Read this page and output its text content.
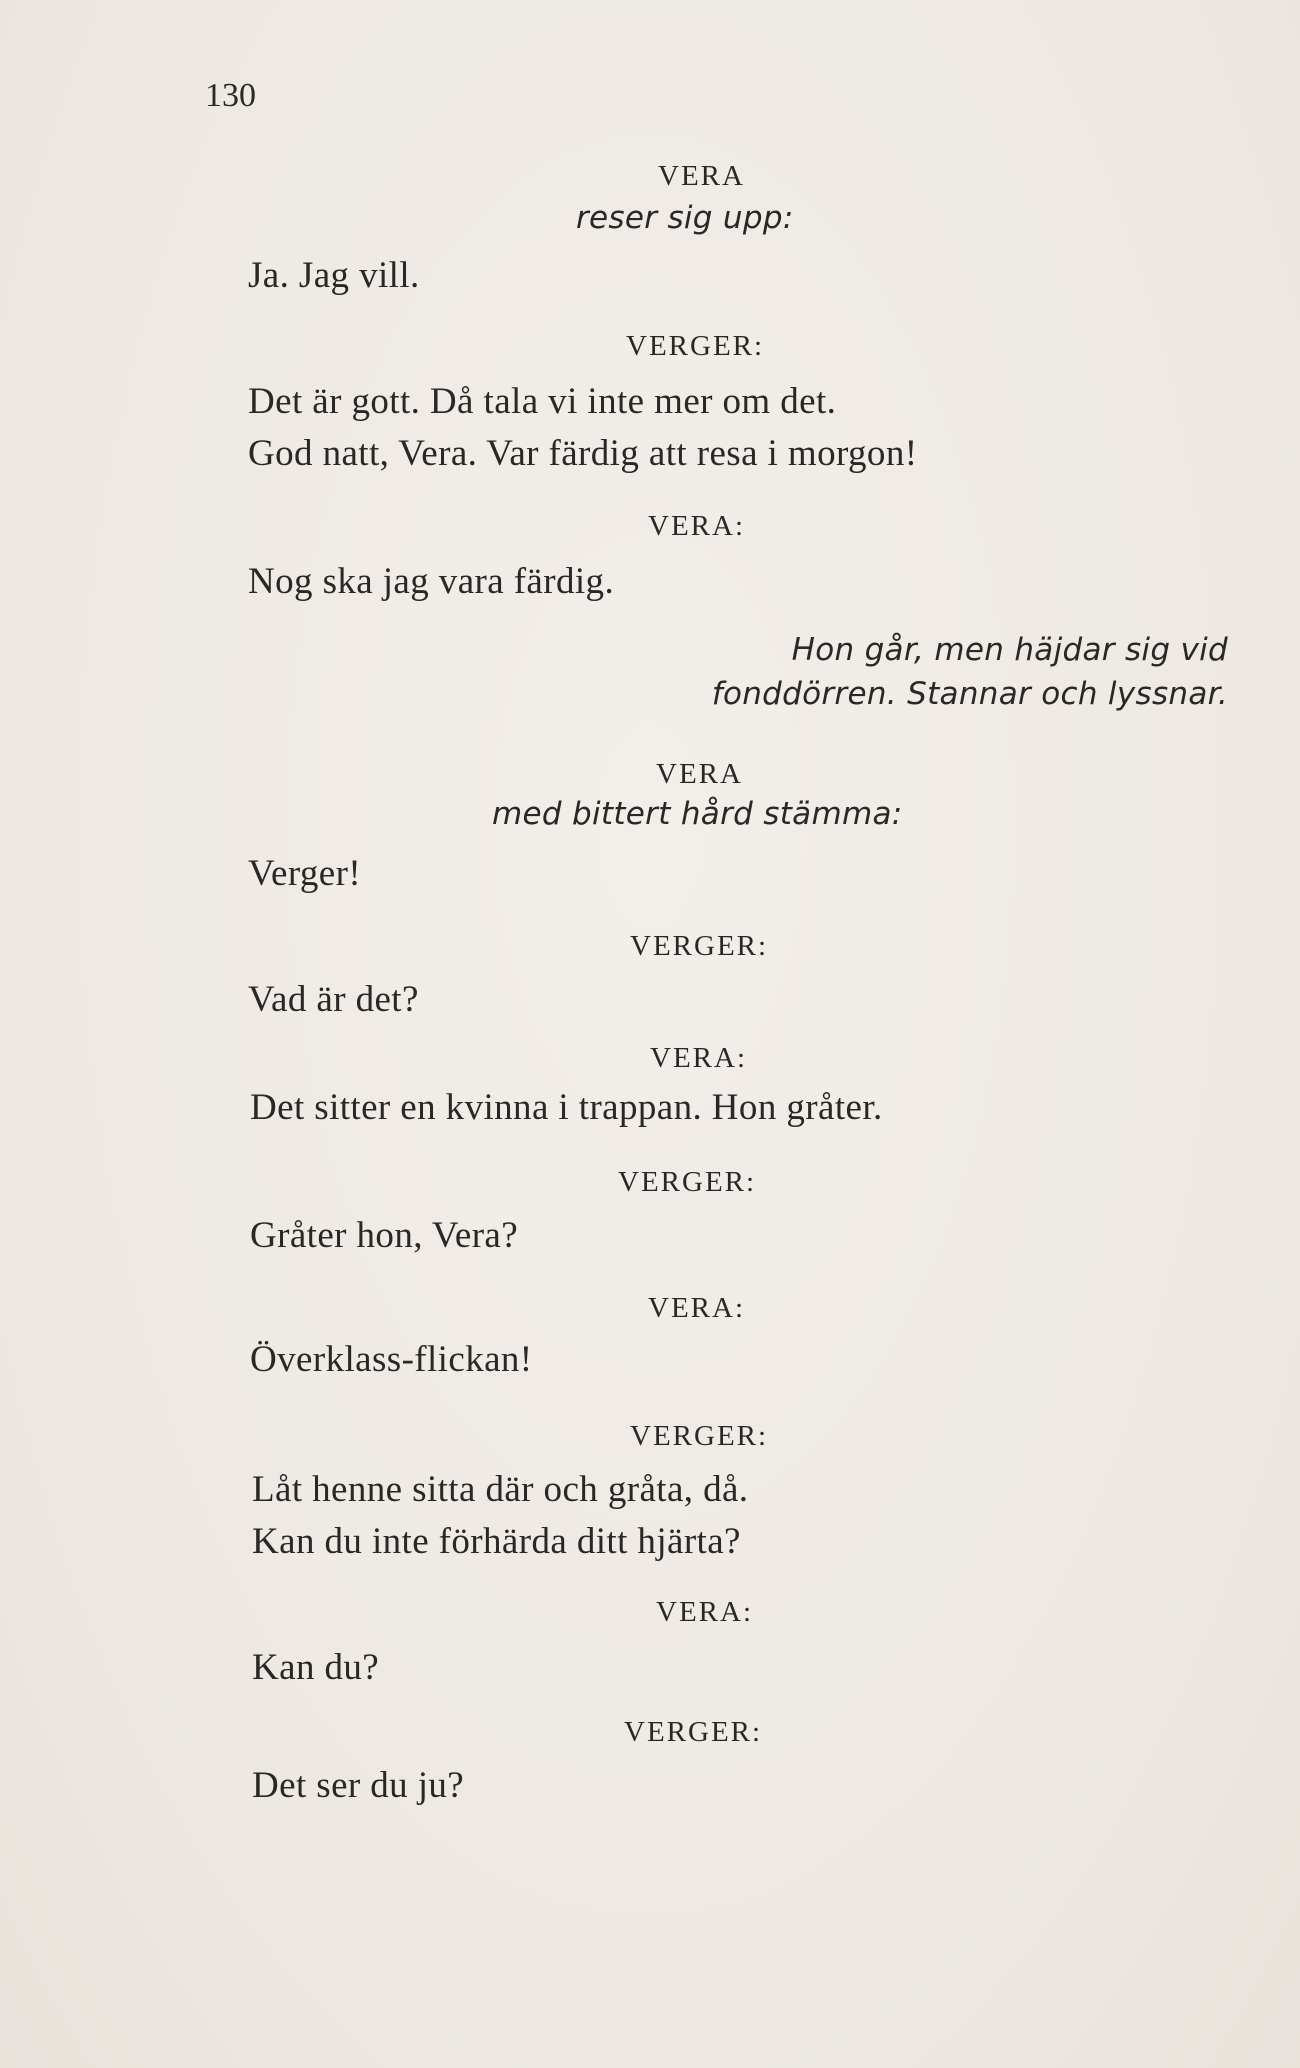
130
VERA
reser sig upp:
Ja. Jag vill.
VERGER:
Det är gott. Då tala vi inte mer om det.
God natt, Vera. Var färdig att resa i morgon!
VERA:
Nog ska jag vara färdig.
Hon går, men häjdar sig vid
fonddörren. Stannar och lyssnar.
VERA
med bittert hård stämma:
Verger!
VERGER:
Vad är det?
VERA:
Det sitter en kvinna i trappan. Hon gråter.
VERGER:
Gråter hon, Vera?
VERA:
Överklass-flickan!
VERGER:
Låt henne sitta där och gråta, då.
Kan du inte förhärda ditt hjärta?
VERA:
Kan du?
VERGER:
Det ser du ju?
